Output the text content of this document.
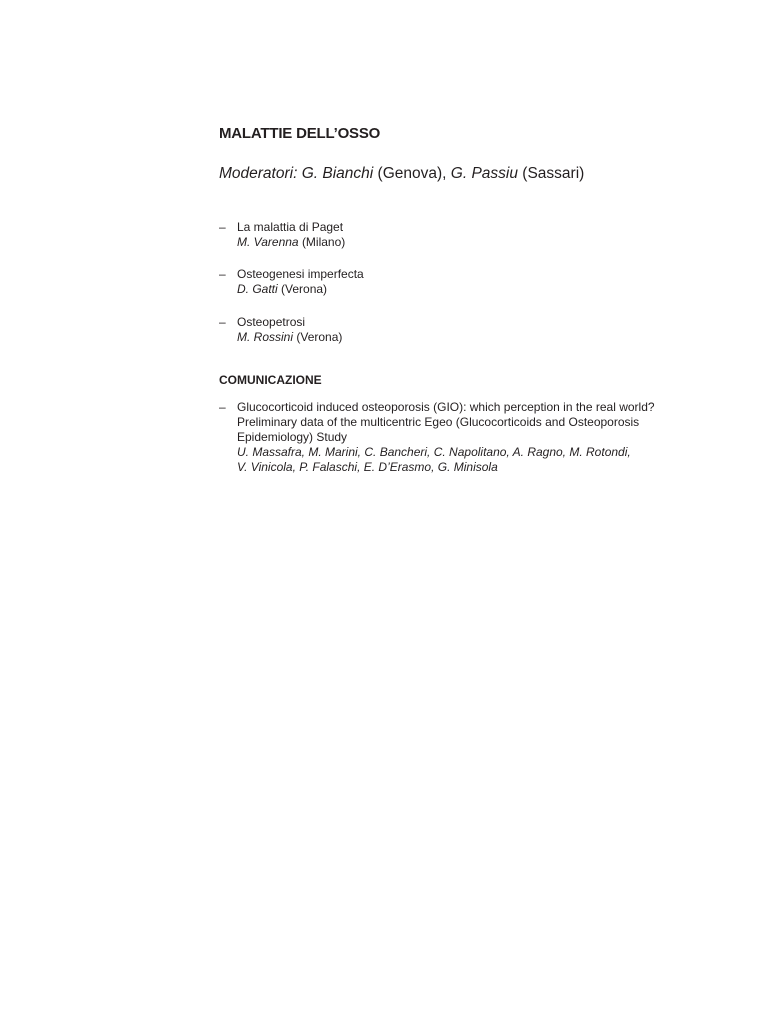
MALATTIE DELL’OSSO

Moderatori: G. Bianchi (Genova), G. Passiu (Sassari)

– La malattia di Paget
M. Varenna (Milano)
– Osteogenesi imperfecta
D. Gatti (Verona)
– Osteopetrosi
M. Rossini (Verona)
COMUNICAZIONE
– Glucocorticoid induced osteoporosis (GIO): which perception in the real world? Preliminary data of the multicentric Egeo (Glucocorticoids and Osteoporosis Epidemiology) Study
U. Massafra, M. Marini, C. Bancheri, C. Napolitano, A. Ragno, M. Rotondi,
V. Vinicola, P. Falaschi, E. D’Erasmo, G. Minisola
